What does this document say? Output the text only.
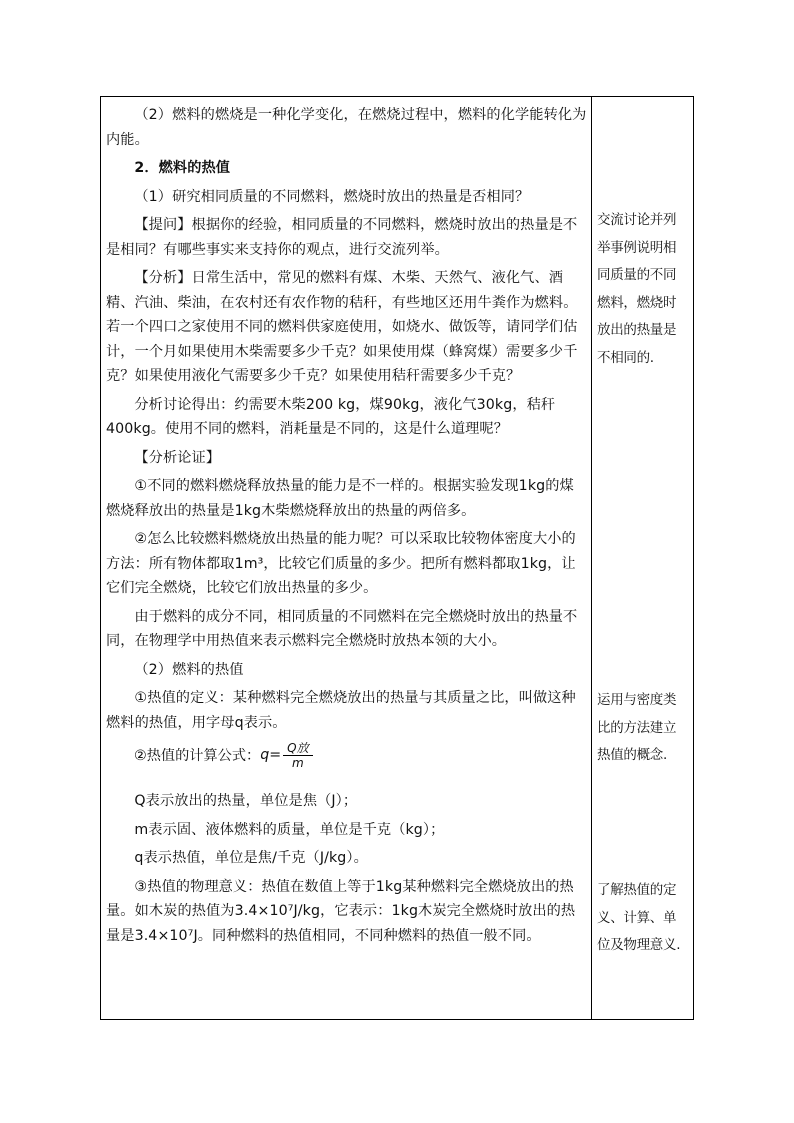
（2）燃料的燃烧是一种化学变化，在燃烧过程中，燃料的化学能转化为内能。

2．燃料的热值

（1）研究相同质量的不同燃料，燃烧时放出的热量是否相同？

【提问】根据你的经验，相同质量的不同燃料，燃烧时放出的热量是不是相同？有哪些事实来支持你的观点，进行交流列举。

【分析】日常生活中，常见的燃料有煤、木柴、天然气、液化气、酒精、汽油、柴油，在农村还有农作物的秸秆，有些地区还用牛粪作为燃料。若一个四口之家使用不同的燃料供家庭使用，如烧水、做饭等，请同学们估计，一个月如果使用木柴需要多少千克？如果使用煤（蜂窝煤）需要多少千克？如果使用液化气需要多少千克？如果使用秸秆需要多少千克？

分析讨论得出：约需要木柴200 kg，煤90kg，液化气30kg，秸秆400kg。使用不同的燃料，消耗量是不同的，这是什么道理呢？

【分析论证】

①不同的燃料燃烧释放热量的能力是不一样的。根据实验发现1kg的煤燃烧释放出的热量是1kg木柴燃烧释放出的热量的两倍多。

②怎么比较燃料燃烧放出热量的能力呢？可以采取比较物体密度大小的方法：所有物体都取1m³，比较它们质量的多少。把所有燃料都取1kg，让它们完全燃烧，比较它们放出热量的多少。

由于燃料的成分不同，相同质量的不同燃料在完全燃烧时放出的热量不同，在物理学中用热值来表示燃料完全燃烧时放热本领的大小。

（2）燃料的热值

①热值的定义：某种燃料完全燃烧放出的热量与其质量之比，叫做这种燃料的热值，用字母q表示。

②热值的计算公式： $q= \frac{\text{Q放}}{m}$

Q表示放出的热量，单位是焦（J）；

m表示固、液体燃料的质量，单位是千克（kg）；

q表示热值，单位是焦/千克（J/kg）。

③热值的物理意义：热值在数值上等于1kg某种燃料完全燃烧放出的热量。如木炭的热值为3.4×10⁷J/kg，它表示：1kg木炭完全燃烧时放出的热量是3.4×10⁷J。同种燃料的热值相同，不同种燃料的热值一般不同。

交流讨论并列举事例说明相同质量的不同燃料，燃烧时放出的热量是不相同的.
运用与密度类比的方法建立热值的概念.
了解热值的定义、计算、单位及物理意义.
